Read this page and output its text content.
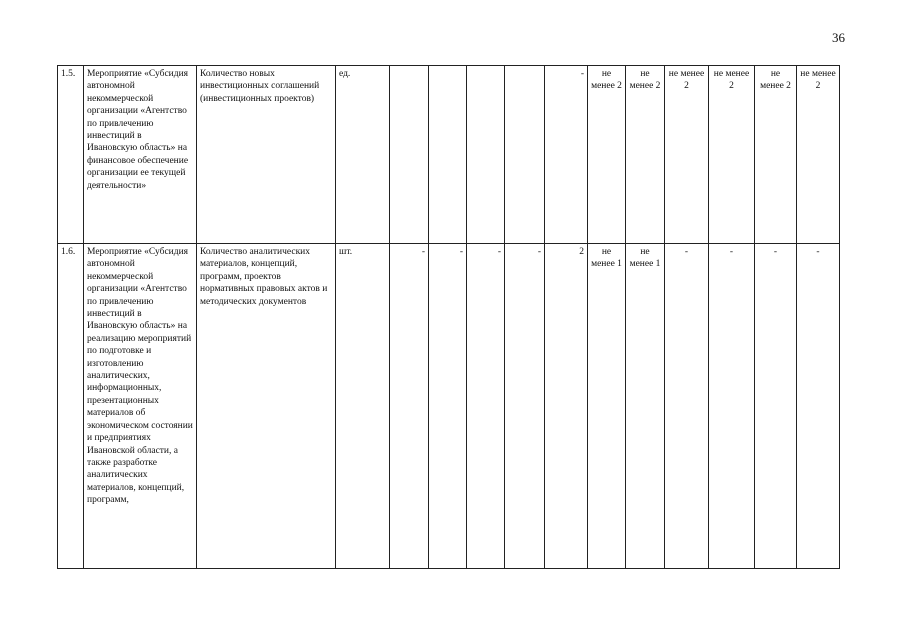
36
1.5.	Мероприятие «Субсидия автономной некоммерческой организации «Агентство по привлечению инвестиций в Ивановскую область» на финансовое обеспечение организации ее текущей деятельности»	Количество новых инвестиционных соглашений (инвестиционных проектов)	ед.					-	не менее 2	не менее 2	не менее 2	не менее 2	не менее 2	не менее 2
1.6.	Мероприятие «Субсидия автономной некоммерческой организации «Агентство по привлечению инвестиций в Ивановскую область» на реализацию мероприятий по подготовке и изготовлению аналитических, информационных, презентационных материалов об экономическом состоянии и предприятиях Ивановской области, а также разработке аналитических материалов, концепций, программ,	Количество аналитических материалов, концепций, программ, проектов нормативных правовых актов и методических документов	шт.	-	-	-	-	2	не менее 1	не менее 1	-	-	-	-
